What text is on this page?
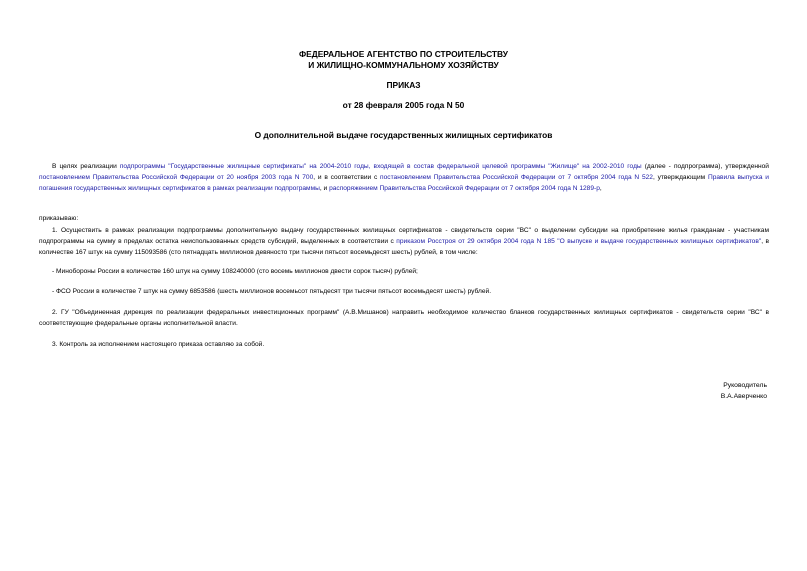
ФЕДЕРАЛЬНОЕ АГЕНТСТВО ПО СТРОИТЕЛЬСТВУ
И ЖИЛИЩНО-КОММУНАЛЬНОМУ ХОЗЯЙСТВУ
ПРИКАЗ
от 28 февраля 2005 года N 50
О дополнительной выдаче государственных жилищных сертификатов
В целях реализации подпрограммы "Государственные жилищные сертификаты" на 2004-2010 годы, входящей в состав федеральной целевой программы "Жилище" на 2002-2010 годы (далее - подпрограмма), утвержденной постановлением Правительства Российской Федерации от 20 ноября 2003 года N 700, и в соответствии с постановлением Правительства Российской Федерации от 7 октября 2004 года N 522, утверждающим Правила выпуска и погашения государственных жилищных сертификатов в рамках реализации подпрограммы, и распоряжением Правительства Российской Федерации от 7 октября 2004 года N 1289-р,
приказываю:
1. Осуществить в рамках реализации подпрограммы дополнительную выдачу государственных жилищных сертификатов - свидетельств серии "ВС" о выделении субсидии на приобретение жилья гражданам - участникам подпрограммы на сумму в пределах остатка неиспользованных средств субсидий, выделенных в соответствии с приказом Росстроя от 29 октября 2004 года N 185 "О выпуске и выдаче государственных жилищных сертификатов", в количестве 167 штук на сумму 115093586 (сто пятнадцать миллионов девяносто три тысячи пятьсот восемьдесят шесть) рублей, в том числе:
- Минобороны России в количестве 160 штук на сумму 108240000 (сто восемь миллионов двести сорок тысяч) рублей;
- ФСО России в количестве 7 штук на сумму 6853586 (шесть миллионов восемьсот пятьдесят три тысячи пятьсот восемьдесят шесть) рублей.
2. ГУ "Объединенная дирекция по реализации федеральных инвестиционных программ" (А.В.Мишанов) направить необходимое количество бланков государственных жилищных сертификатов - свидетельств серии "ВС" в соответствующие федеральные органы исполнительной власти.
3. Контроль за исполнением настоящего приказа оставляю за собой.
Руководитель
В.А.Аверченко
